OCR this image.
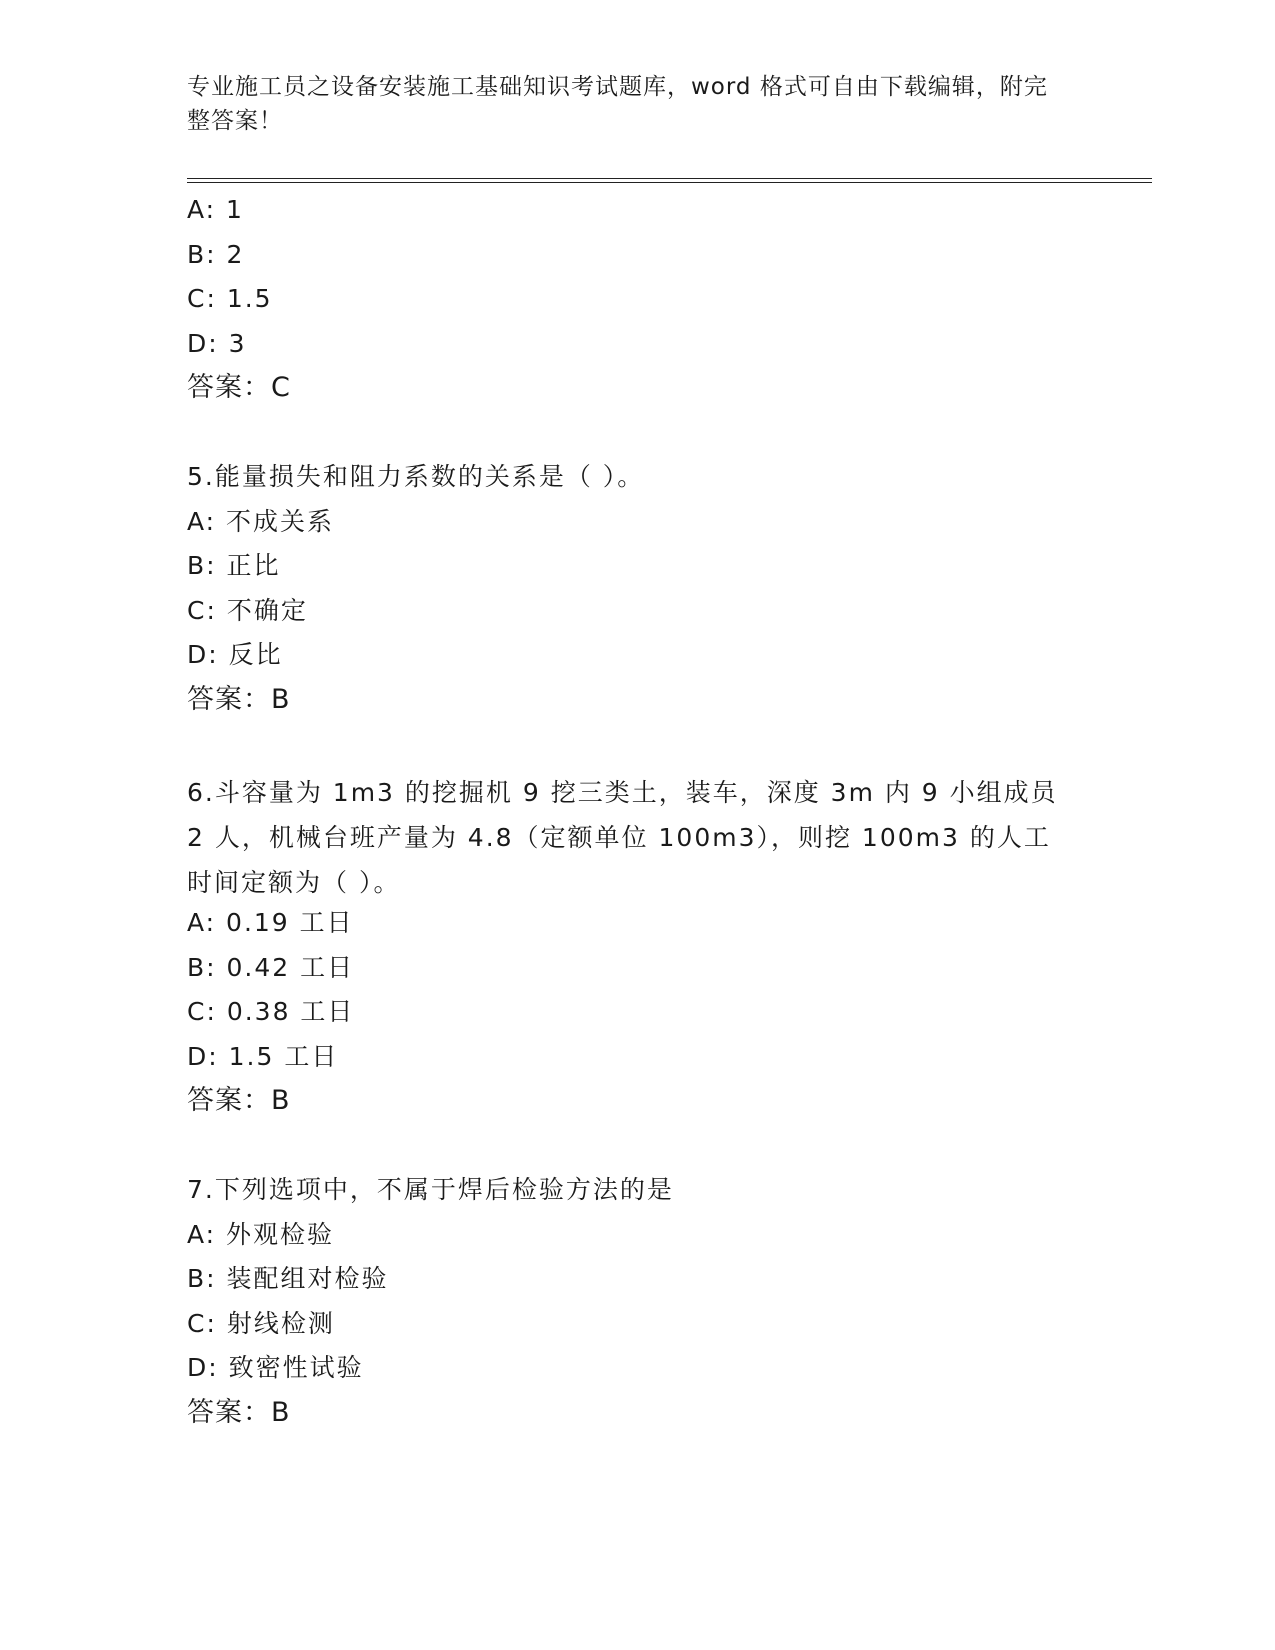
专业施工员之设备安装施工基础知识考试题库，word 格式可自由下载编辑，附完整答案！
A: 1
B: 2
C: 1.5
D: 3
答案：C
5.能量损失和阻力系数的关系是（ ）。
A: 不成关系
B: 正比
C: 不确定
D: 反比
答案：B
6.斗容量为 1m3 的挖掘机 9 挖三类土，装车，深度 3m 内 9 小组成员 2 人，机械台班产量为 4.8（定额单位 100m3），则挖 100m3 的人工时间定额为（ ）。
A: 0.19 工日
B: 0.42 工日
C: 0.38 工日
D: 1.5 工日
答案：B
7.下列选项中，不属于焊后检验方法的是
A: 外观检验
B: 装配组对检验
C: 射线检测
D: 致密性试验
答案：B
